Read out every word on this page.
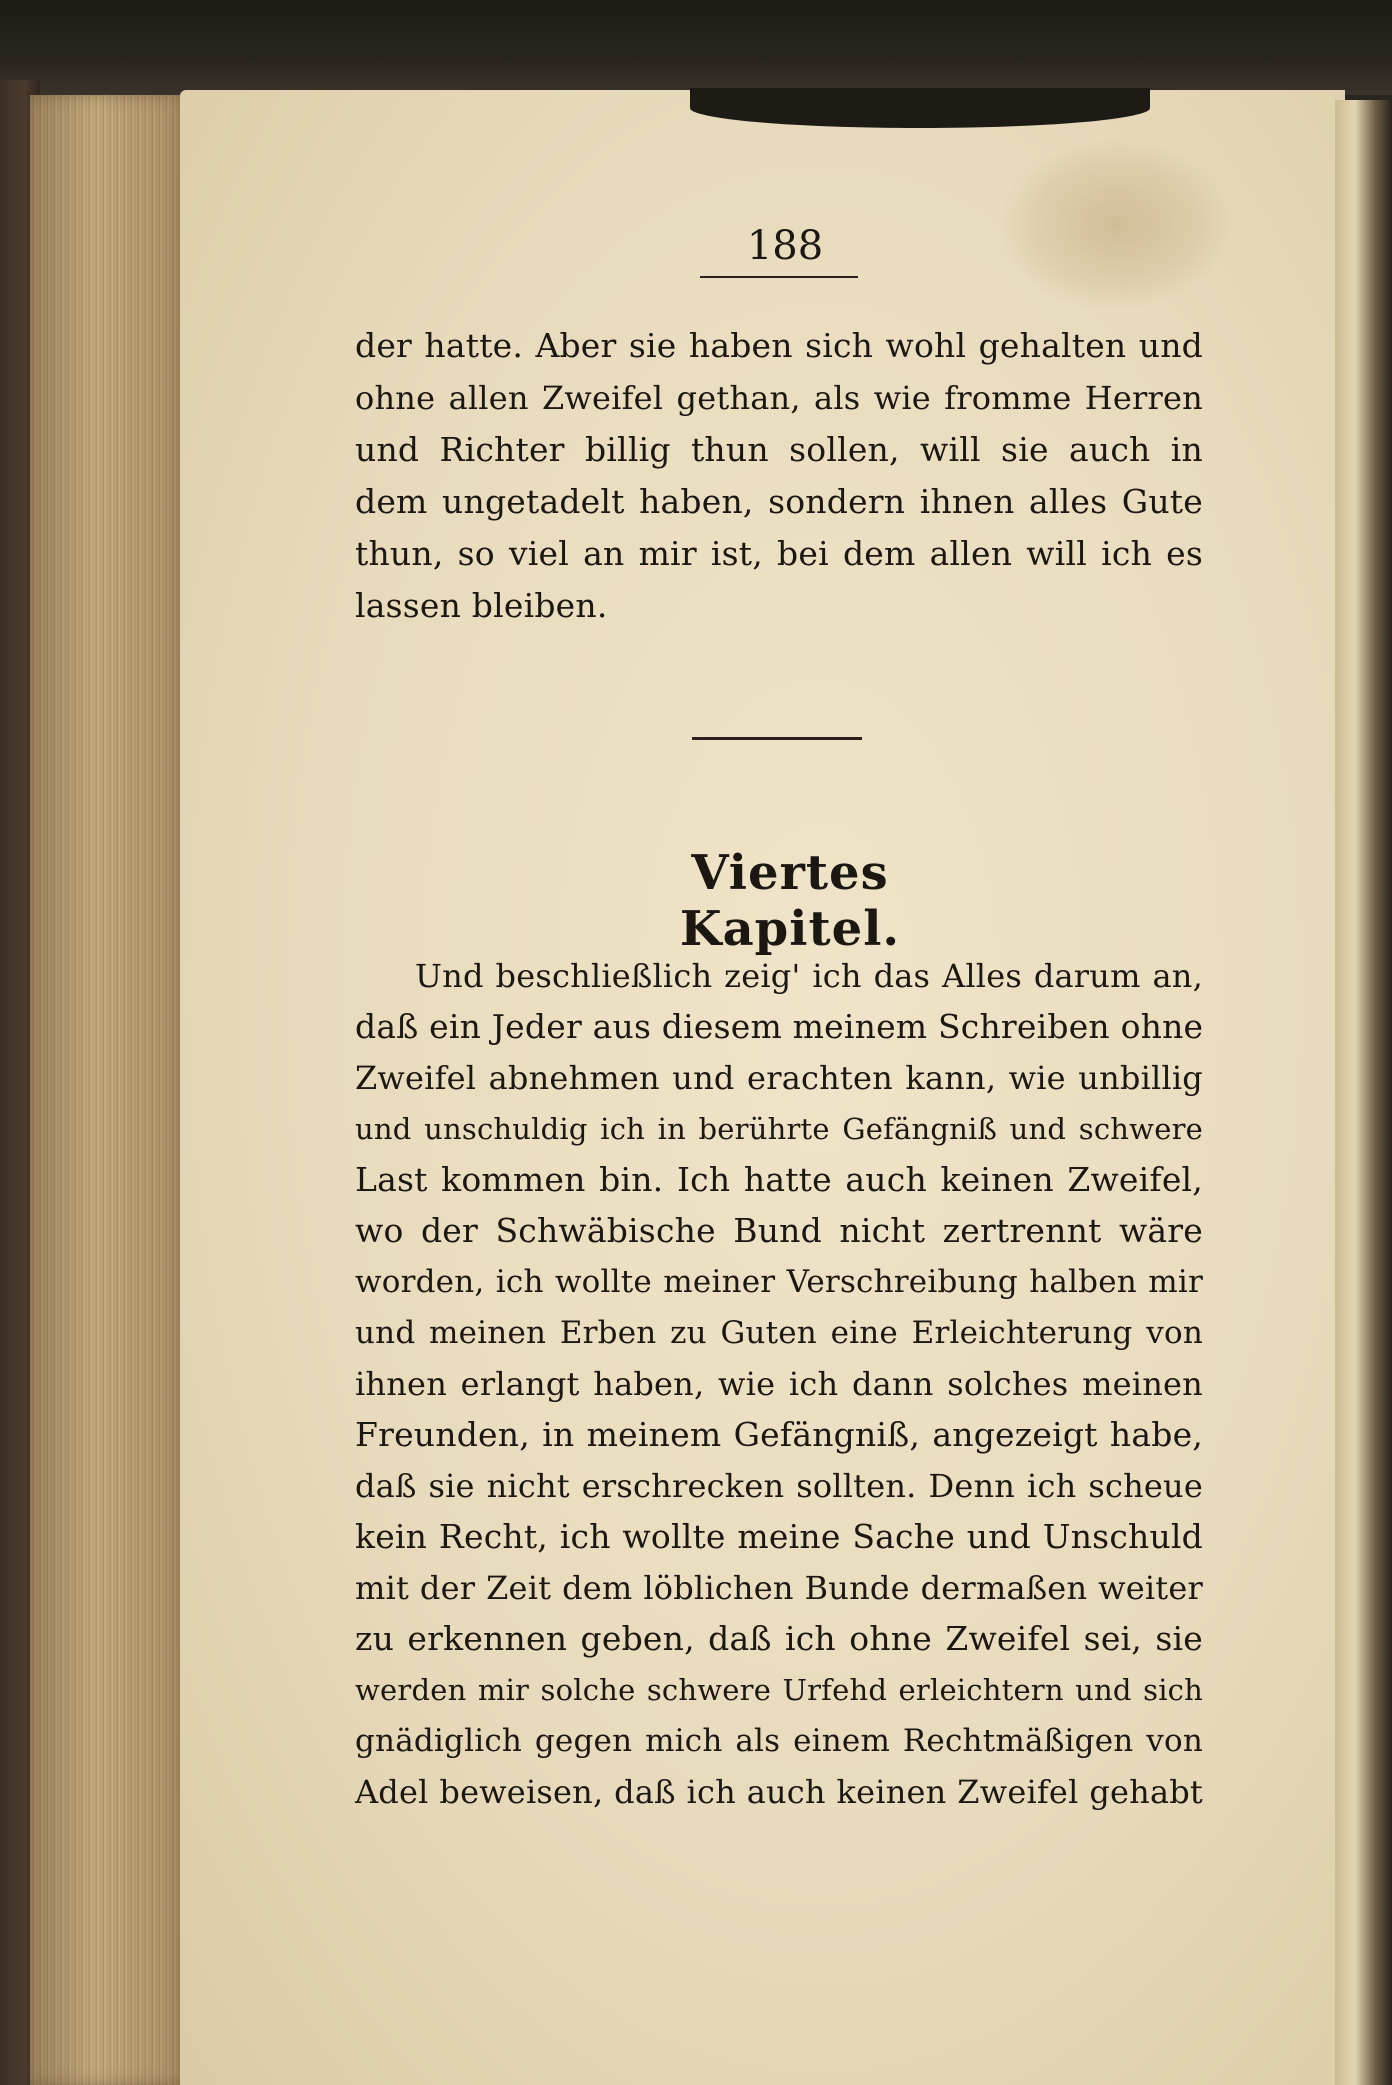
188
der hatte. Aber sie haben sich wohl gehalten und
ohne allen Zweifel gethan, als wie fromme Herren
und Richter billig thun sollen, will sie auch in
dem ungetadelt haben, sondern ihnen alles Gute
thun, so viel an mir ist, bei dem allen will ich es
lassen bleiben.
Viertes Kapitel.
Und beschließlich zeig' ich das Alles darum an,
daß ein Jeder aus diesem meinem Schreiben ohne
Zweifel abnehmen und erachten kann, wie unbillig
und unschuldig ich in berührte Gefängniß und schwere
Last kommen bin. Ich hatte auch keinen Zweifel,
wo der Schwäbische Bund nicht zertrennt wäre
worden, ich wollte meiner Verschreibung halben mir
und meinen Erben zu Guten eine Erleichterung von
ihnen erlangt haben, wie ich dann solches meinen
Freunden, in meinem Gefängniß, angezeigt habe,
daß sie nicht erschrecken sollten. Denn ich scheue
kein Recht, ich wollte meine Sache und Unschuld
mit der Zeit dem löblichen Bunde dermaßen weiter
zu erkennen geben, daß ich ohne Zweifel sei, sie
werden mir solche schwere Urfehd erleichtern und sich
gnädiglich gegen mich als einem Rechtmäßigen von
Adel beweisen, daß ich auch keinen Zweifel gehabt
